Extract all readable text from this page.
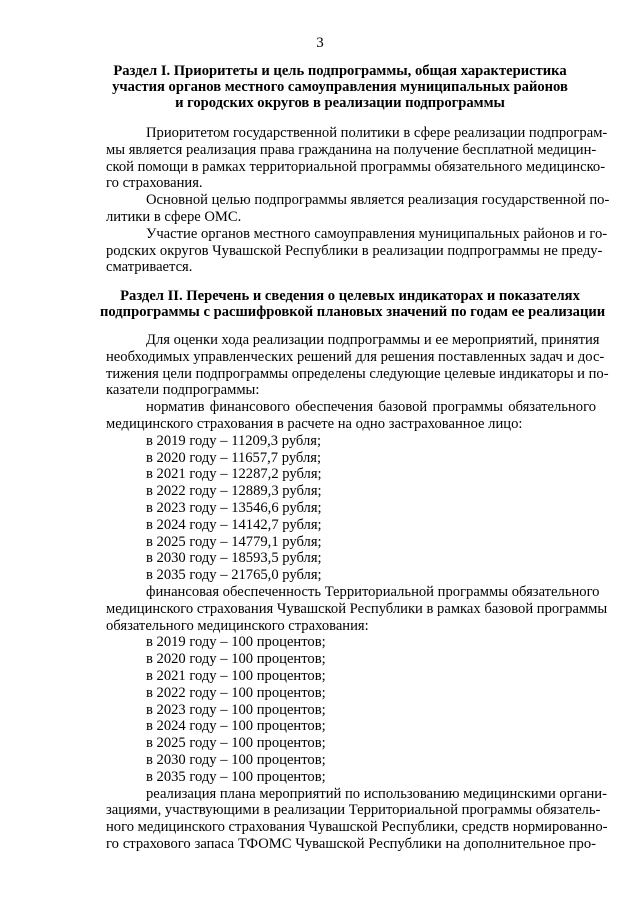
3
Раздел I. Приоритеты и цель подпрограммы, общая характеристика
участия органов местного самоуправления муниципальных районов
и городских округов в реализации подпрограммы
Приоритетом государственной политики в сфере реализации подпрограм-
мы является реализация права гражданина на получение бесплатной медицин-
ской помощи в рамках территориальной программы обязательного медицинско-
го страхования.
Основной целью подпрограммы является реализация государственной по-
литики в сфере ОМС.
Участие органов местного самоуправления муниципальных районов и го-
родских округов Чувашской Республики в реализации подпрограммы не преду-
сматривается.
Раздел II. Перечень и сведения о целевых индикаторах и показателях
подпрограммы с расшифровкой плановых значений по годам ее реализации
Для оценки хода реализации подпрограммы и ее мероприятий, принятия
необходимых управленческих решений для решения поставленных задач и дос-
тижения цели подпрограммы определены следующие целевые индикаторы и по-
казатели подпрограммы:
норматив финансового обеспечения базовой программы обязательного
медицинского страхования в расчете на одно застрахованное лицо:
в 2019 году – 11209,3 рубля;
в 2020 году – 11657,7 рубля;
в 2021 году – 12287,2 рубля;
в 2022 году – 12889,3 рубля;
в 2023 году – 13546,6 рубля;
в 2024 году – 14142,7 рубля;
в 2025 году – 14779,1 рубля;
в 2030 году – 18593,5 рубля;
в 2035 году – 21765,0 рубля;
финансовая обеспеченность Территориальной программы обязательного
медицинского страхования Чувашской Республики в рамках базовой программы
обязательного медицинского страхования:
в 2019 году – 100 процентов;
в 2020 году – 100 процентов;
в 2021 году – 100 процентов;
в 2022 году – 100 процентов;
в 2023 году – 100 процентов;
в 2024 году – 100 процентов;
в 2025 году – 100 процентов;
в 2030 году – 100 процентов;
в 2035 году – 100 процентов;
реализация плана мероприятий по использованию медицинскими органи-
зациями, участвующими в реализации Территориальной программы обязатель-
ного медицинского страхования Чувашской Республики, средств нормированно-
го страхового запаса ТФОМС Чувашской Республики на дополнительное про-
